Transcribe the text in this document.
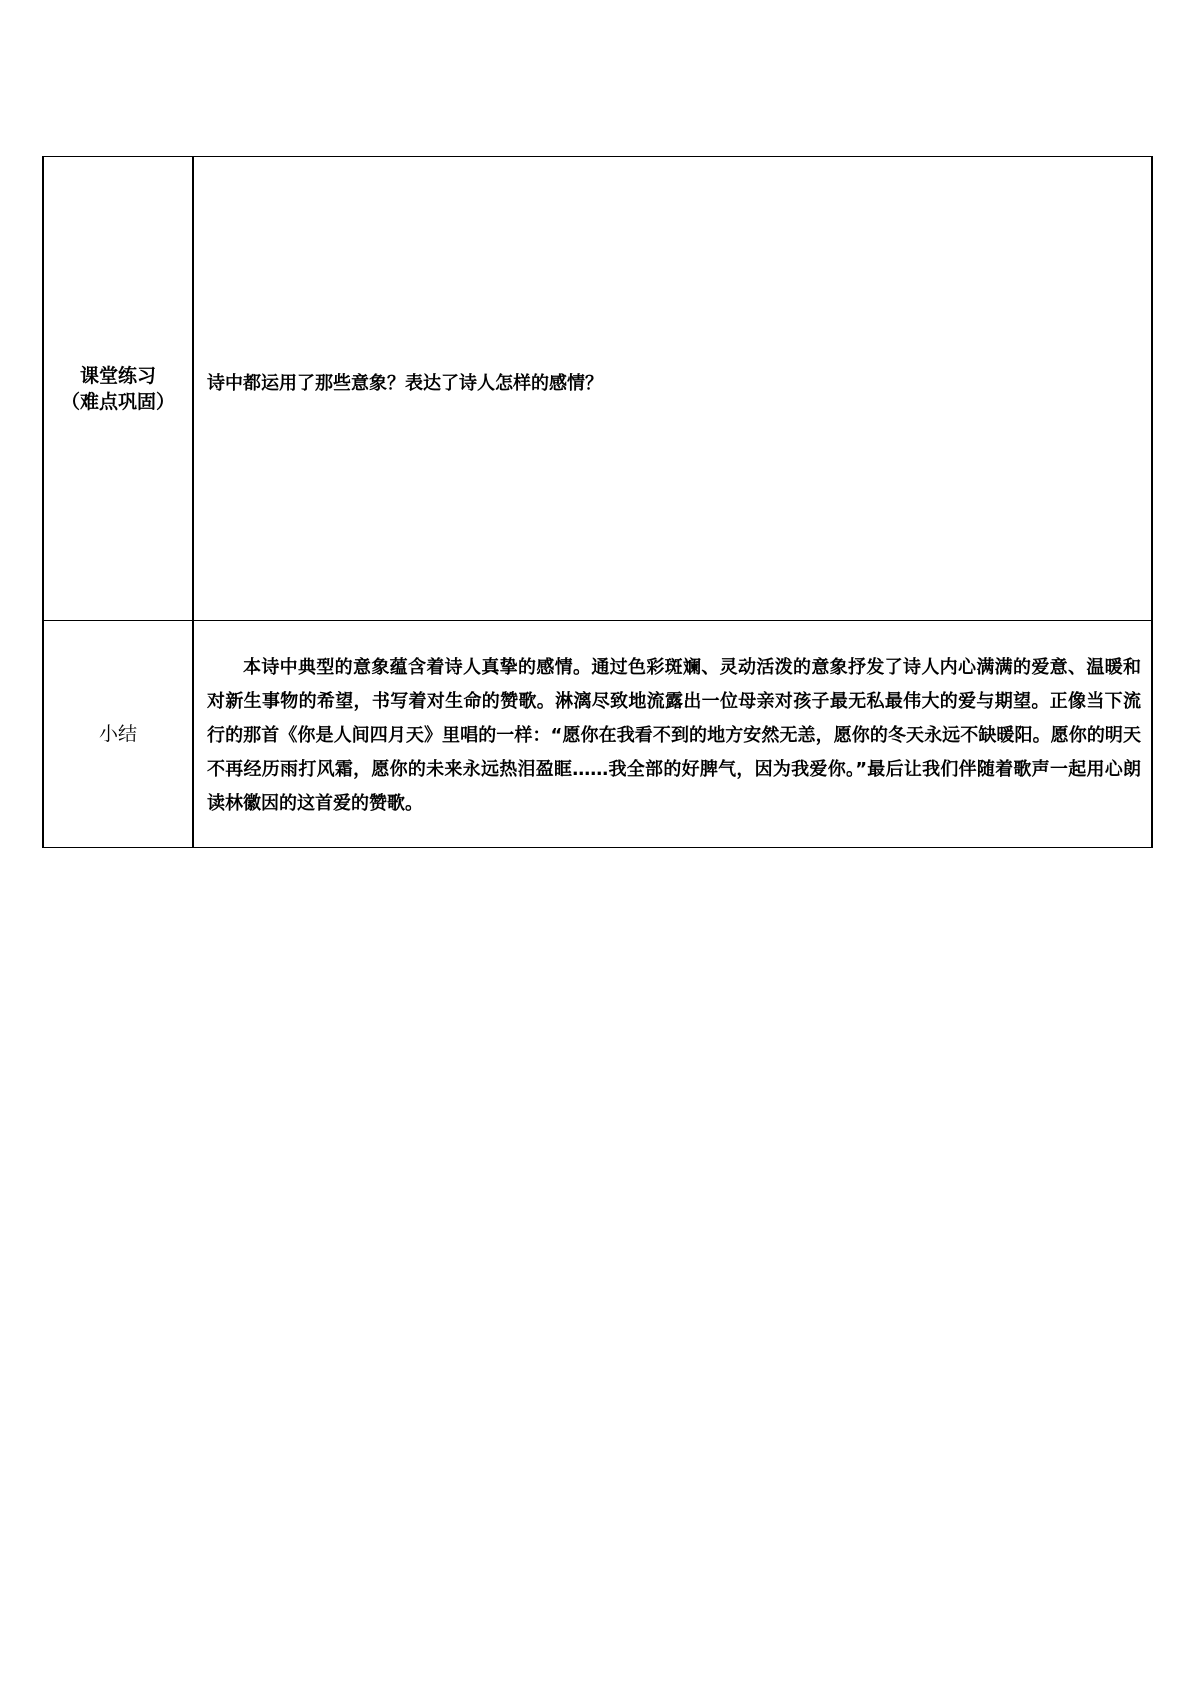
课堂练习
（难点巩固）	诗中都运用了那些意象？表达了诗人怎样的感情？

小结	本诗中典型的意象蕴含着诗人真挚的感情。通过色彩斑斓、灵动活泼的意象抒发了诗人内心满满的爱意、温暖和对新生事物的希望，书写着对生命的赞歌。淋漓尽致地流露出一位母亲对孩子最无私最伟大的爱与期望。正像当下流行的那首《你是人间四月天》里唱的一样：“愿你在我看不到的地方安然无恙，愿你的冬天永远不缺暖阳。愿你的明天不再经历雨打风霜，愿你的未来永远热泪盈眶……我全部的好脾气，因为我爱你。”最后让我们伴随着歌声一起用心朗读林徽因的这首爱的赞歌。
